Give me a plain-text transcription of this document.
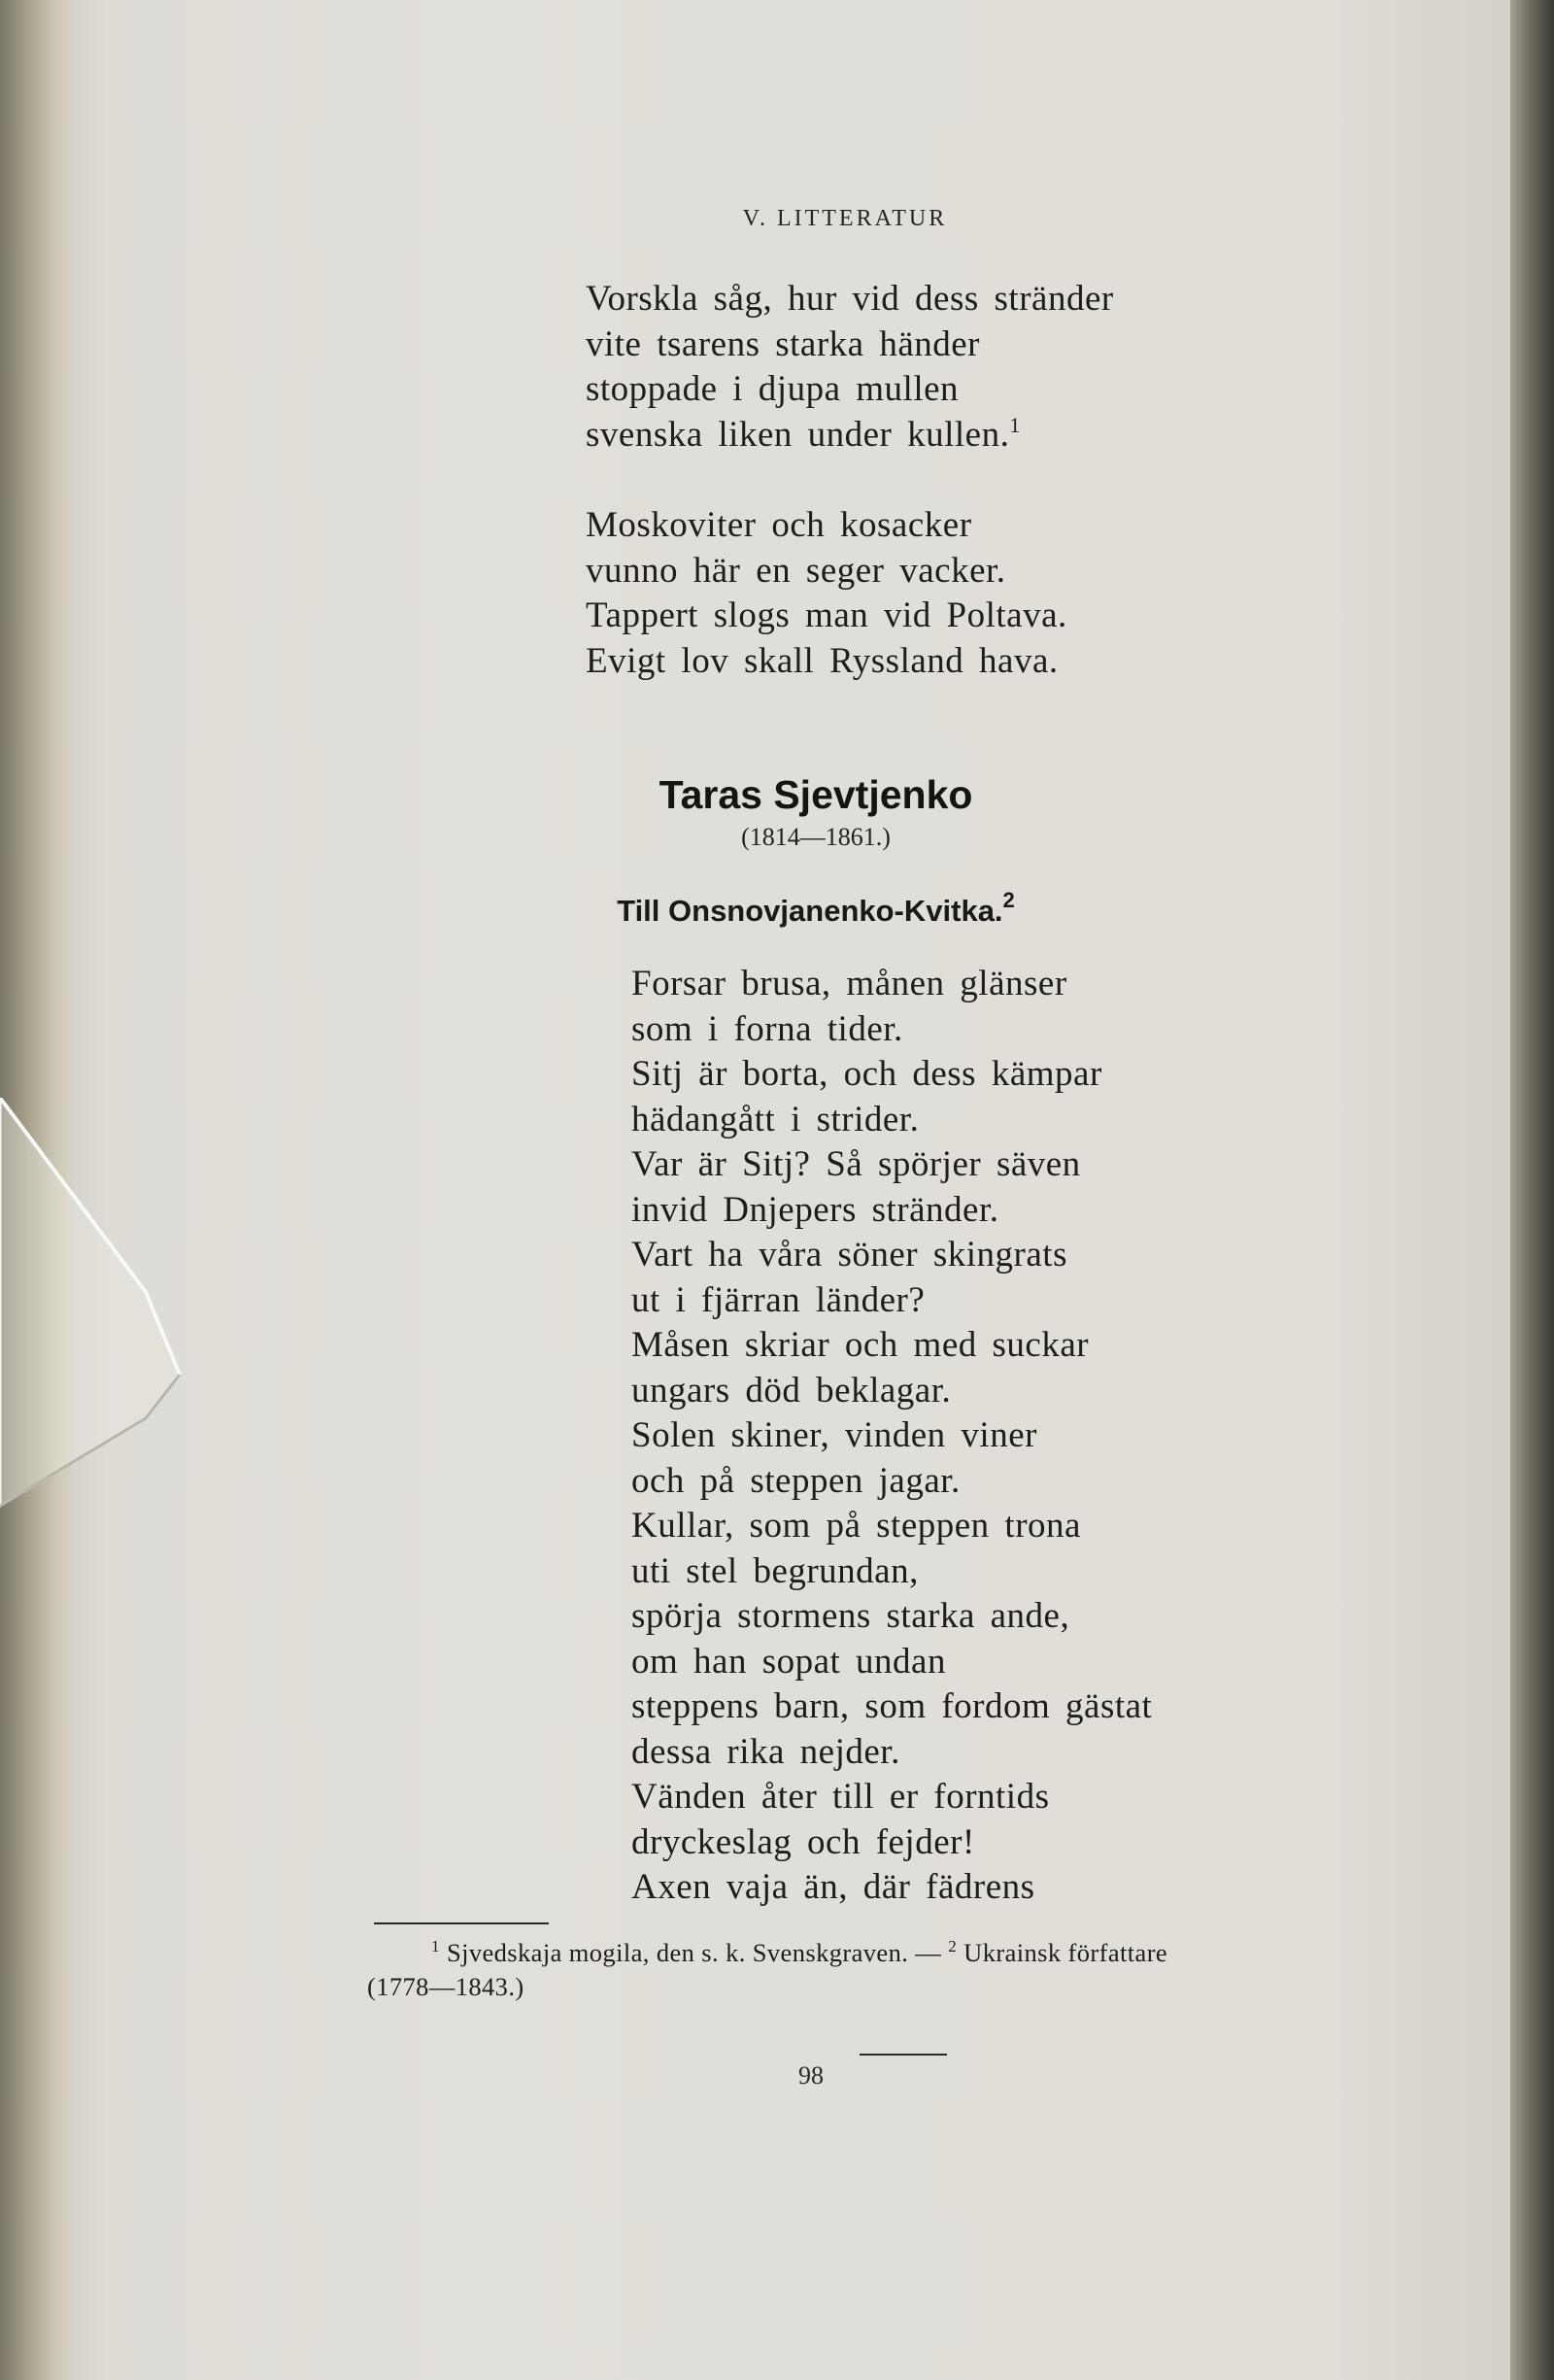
V. LITTERATUR
Vorskla såg, hur vid dess stränder
vite tsarens starka händer
stoppade i djupa mullen
svenska liken under kullen.$^1$
Moskoviter och kosacker
vunno här en seger vacker.
Tappert slogs man vid Poltava.
Evigt lov skall Ryssland hava.
Taras Sjevtjenko
(1814—1861.)
Till Onsnovjanenko-Kvitka.$^2$
Forsar brusa, månen glänser
som i forna tider.
Sitj är borta, och dess kämpar
hädangått i strider.
Var är Sitj? Så spörjer säven
invid Dnjepers stränder.
Vart ha våra söner skingrats
ut i fjärran länder?
Måsen skriar och med suckar
ungars död beklagar.
Solen skiner, vinden viner
och på steppen jagar.
Kullar, som på steppen trona
uti stel begrundan,
spörja stormens starka ande,
om han sopat undan
steppens barn, som fordom gästat
dessa rika nejder.
Vänden åter till er forntids
dryckeslag och fejder!
Axen vaja än, där fädrens
$^1$ Sjvedskaja mogila, den s. k. Svenskgraven. — $^2$ Ukrainsk författare
(1778—1843.)
98
